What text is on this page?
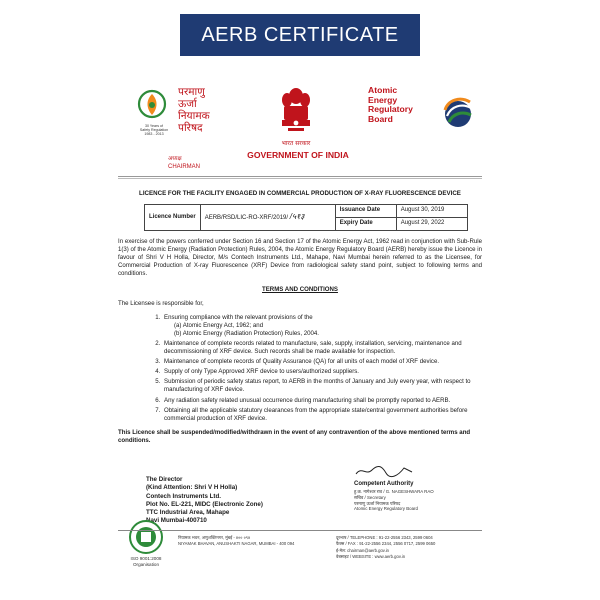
AERB CERTIFICATE
30 Years of
Safety Regulation
1983 - 2013
परमाणु
ऊर्जा
नियामक
परिषद
भारत सरकार
GOVERNMENT OF INDIA
Atomic
Energy
Regulatory
Board
अध्यक्ष
CHAIRMAN
LICENCE FOR THE FACILITY ENGAGED IN COMMERCIAL PRODUCTION OF X-RAY FLUORESCENCE DEVICE
Licence Number	AERB/RSD/LIC-RO-XRF/2019/ /५१३	Issuance Date	August 30, 2019
		Expiry Date	August 29, 2022
In exercise of the powers conferred under Section 16 and Section 17 of the Atomic Energy Act, 1962 read in conjunction with Sub-Rule 1(3) of the Atomic Energy (Radiation Protection) Rules, 2004, the Atomic Energy Regulatory Board (AERB) hereby issue the Licence in favour of Shri V H Holla, Director, M/s Contech Instruments Ltd., Mahape, Navi Mumbai herein referred to as the Licensee, for Commercial Production of X-ray Fluorescence (XRF) Device from radiological safety stand point, subject to following terms and conditions.
TERMS AND CONDITIONS
The Licensee is responsible for,
1. Ensuring compliance with the relevant provisions of the
(a) Atomic Energy Act, 1962; and
(b) Atomic Energy (Radiation Protection) Rules, 2004.
2. Maintenance of complete records related to manufacture, sale, supply, installation, servicing, maintenance and decommissioning of XRF device. Such records shall be made available for inspection.
3. Maintenance of complete records of Quality Assurance (QA) for all units of each model of XRF device.
4. Supply of only Type Approved XRF device to users/authorized suppliers.
5. Submission of periodic safety status report, to AERB in the months of January and July every year, with respect to manufacturing of XRF device.
6. Any radiation safety related unusual occurrence during manufacturing shall be promptly reported to AERB.
7. Obtaining all the applicable statutory clearances from the appropriate state/central government authorities before commercial production of XRF device.
This Licence shall be suspended/modified/withdrawn in the event of any contravention of the above mentioned terms and conditions.
Competent Authority
हु.क. नागेश्वर राव / G. NAGESHWARA RAO
सचिव / Secretary
परमाणु ऊर्जा नियामक परिषद
Atomic Energy Regulatory Board
The Director
(Kind Attention: Shri V H Holla)
Contech Instruments Ltd.
Plot No. EL-221, MIDC (Electronic Zone)
TTC Industrial Area, Mahape
Navi Mumbai-400710
ISO 9001:2008
Organisation
नियामक भवन, अणुशक्तिनगर, मुंबई - ४०० ०९४
NIYAMAK BHAVAN, ANUSHAKTI NAGAR, MUMBAI - 400 094
दूरभाष / TELEPHONE : 91-22-2556 2343, 2599 0604
फैक्स / FAX : 91-22-2556 2344, 2556 0717, 2599 0650
ई-मेल: chairman@aerb.gov.in
वेबसाइट / WEBSITE : www.aerb.gov.in
